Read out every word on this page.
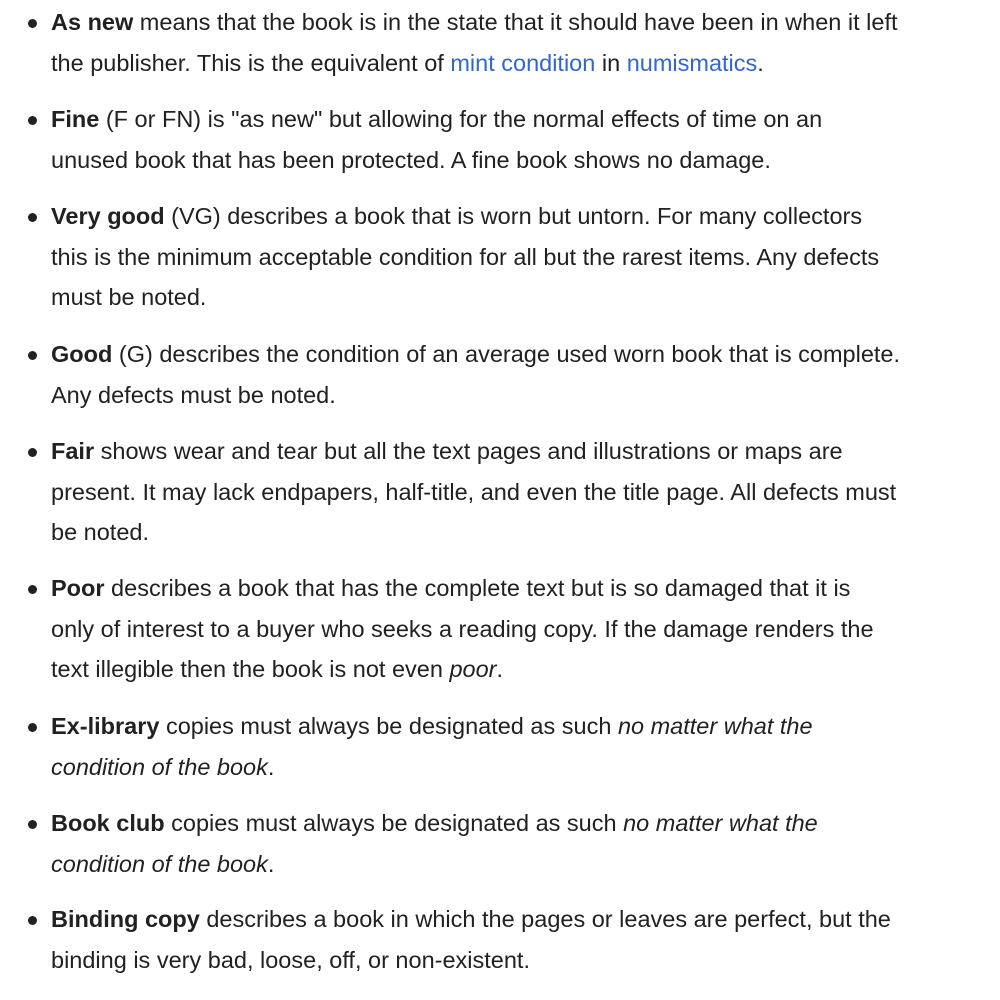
As new means that the book is in the state that it should have been in when it left
the publisher. This is the equivalent of mint condition in numismatics.
Fine (F or FN) is "as new" but allowing for the normal effects of time on an
unused book that has been protected. A fine book shows no damage.
Very good (VG) describes a book that is worn but untorn. For many collectors
this is the minimum acceptable condition for all but the rarest items. Any defects
must be noted.
Good (G) describes the condition of an average used worn book that is complete.
Any defects must be noted.
Fair shows wear and tear but all the text pages and illustrations or maps are
present. It may lack endpapers, half-title, and even the title page. All defects must
be noted.
Poor describes a book that has the complete text but is so damaged that it is
only of interest to a buyer who seeks a reading copy. If the damage renders the
text illegible then the book is not even poor.
Ex-library copies must always be designated as such no matter what the
condition of the book.
Book club copies must always be designated as such no matter what the
condition of the book.
Binding copy describes a book in which the pages or leaves are perfect, but the
binding is very bad, loose, off, or non-existent.
